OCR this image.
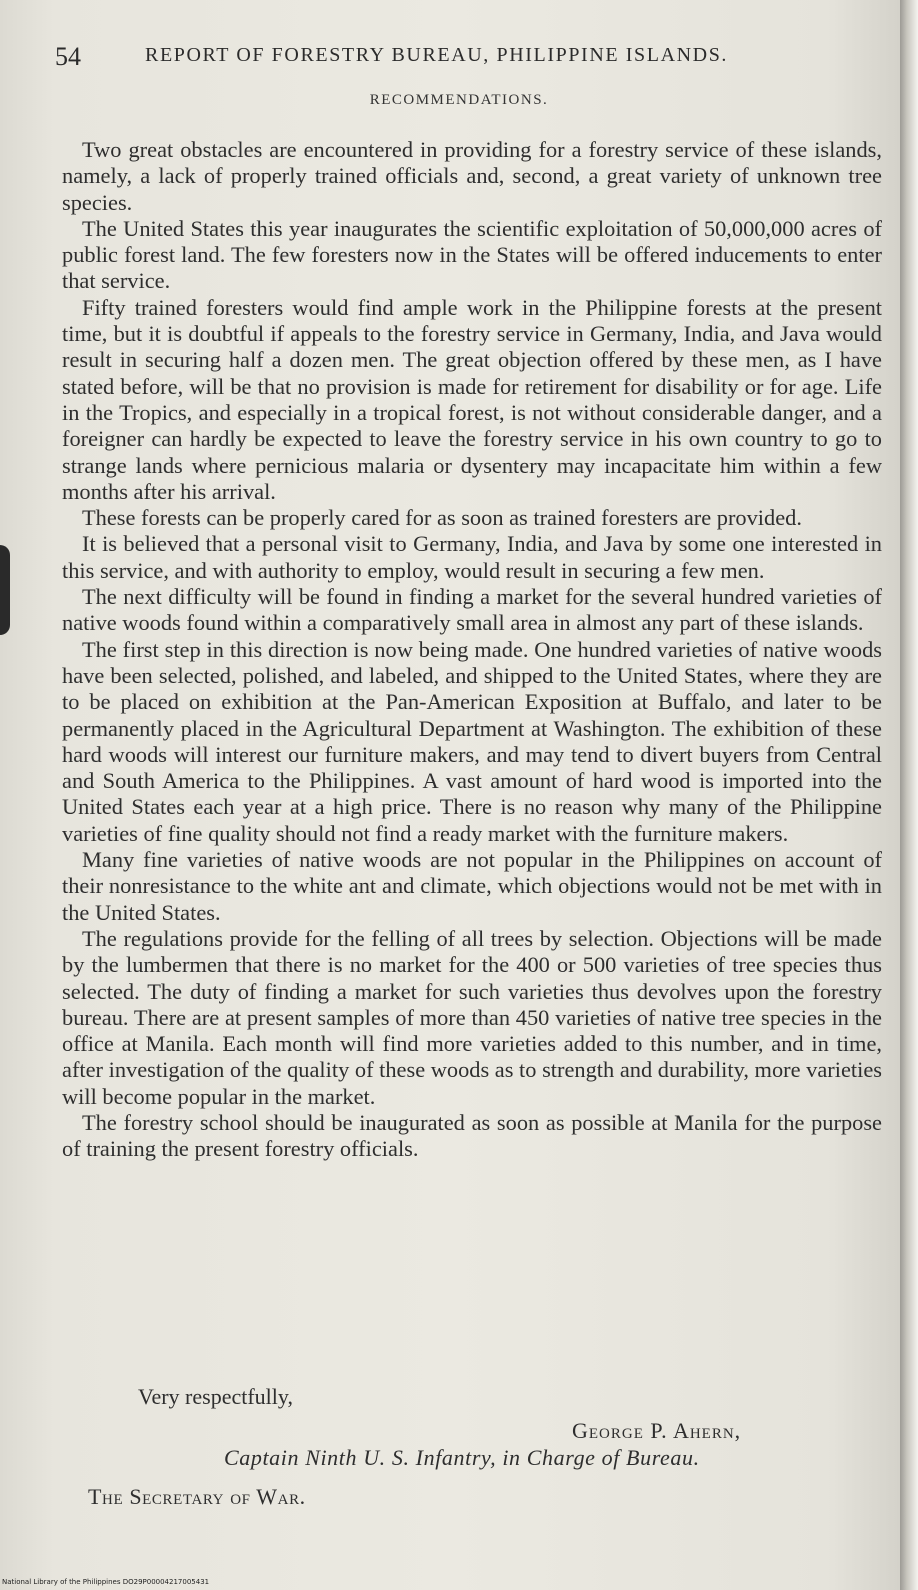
54	REPORT OF FORESTRY BUREAU, PHILIPPINE ISLANDS.
RECOMMENDATIONS.

Two great obstacles are encountered in providing for a forestry service of these islands, namely, a lack of properly trained officials and, second, a great variety of unknown tree species.

The United States this year inaugurates the scientific exploitation of 50,000,000 acres of public forest land. The few foresters now in the States will be offered inducements to enter that service.

Fifty trained foresters would find ample work in the Philippine forests at the present time, but it is doubtful if appeals to the forestry service in Germany, India, and Java would result in securing half a dozen men. The great objection offered by these men, as I have stated before, will be that no provision is made for retirement for disability or for age. Life in the Tropics, and especially in a tropical forest, is not without considerable danger, and a foreigner can hardly be expected to leave the forestry service in his own country to go to strange lands where pernicious malaria or dysentery may incapacitate him within a few months after his arrival.

These forests can be properly cared for as soon as trained foresters are provided.

It is believed that a personal visit to Germany, India, and Java by some one interested in this service, and with authority to employ, would result in securing a few men.

The next difficulty will be found in finding a market for the several hundred varieties of native woods found within a comparatively small area in almost any part of these islands.

The first step in this direction is now being made. One hundred varieties of native woods have been selected, polished, and labeled, and shipped to the United States, where they are to be placed on exhibition at the Pan-American Exposition at Buffalo, and later to be permanently placed in the Agricultural Department at Washington. The exhibition of these hard woods will interest our furniture makers, and may tend to divert buyers from Central and South America to the Philippines. A vast amount of hard wood is imported into the United States each year at a high price. There is no reason why many of the Philippine varieties of fine quality should not find a ready market with the furniture makers.

Many fine varieties of native woods are not popular in the Philippines on account of their nonresistance to the white ant and climate, which objections would not be met with in the United States.

The regulations provide for the felling of all trees by selection. Objections will be made by the lumbermen that there is no market for the 400 or 500 varieties of tree species thus selected. The duty of finding a market for such varieties thus devolves upon the forestry bureau. There are at present samples of more than 450 varieties of native tree species in the office at Manila. Each month will find more varieties added to this number, and in time, after investigation of the quality of these woods as to strength and durability, more varieties will become popular in the market.

The forestry school should be inaugurated as soon as possible at Manila for the purpose of training the present forestry officials.

Very respectfully,
George P. Ahern,
Captain Ninth U. S. Infantry, in Charge of Bureau.
The Secretary of War.
National Library of the Philippines DO29P00004217005431
